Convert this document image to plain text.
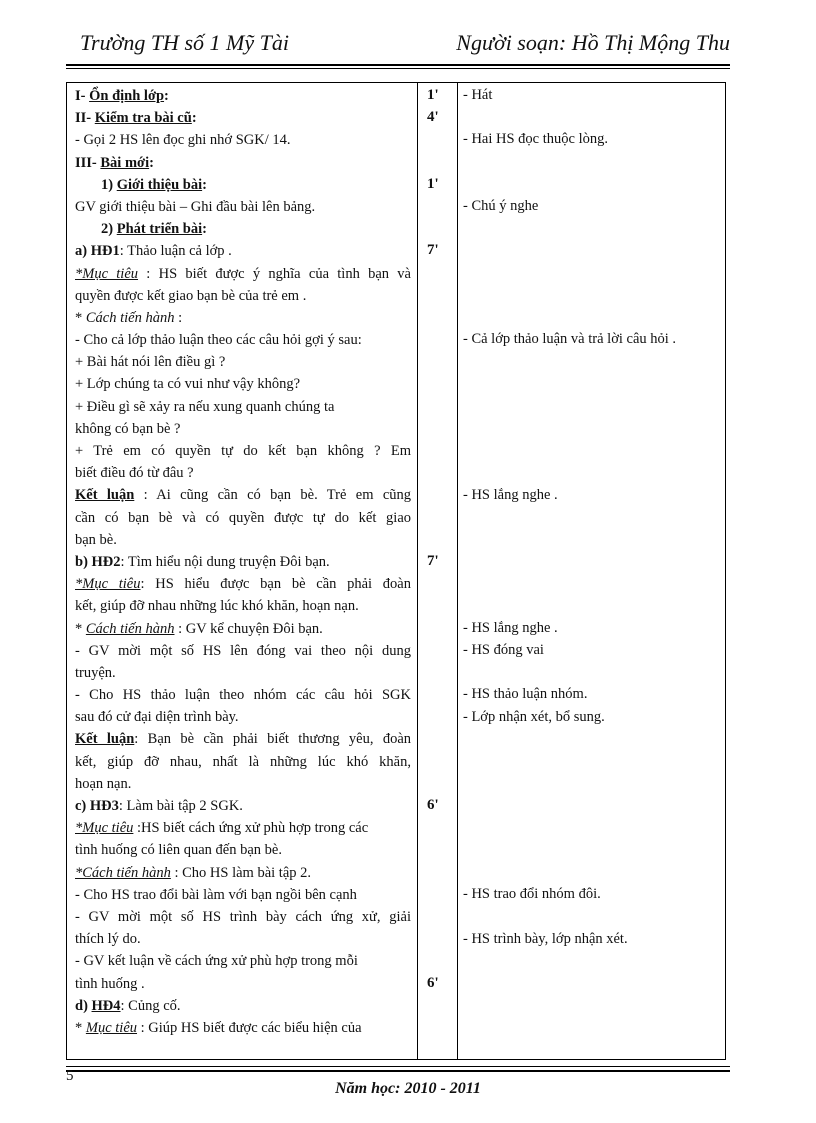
Trường TH số 1 Mỹ Tài	Người soạn: Hồ Thị Mộng Thu
I- Ổn định lớp:
II- Kiểm tra bài cũ:
- Gọi 2 HS lên đọc ghi nhớ SGK/ 14.
III- Bài mới:
1) Giới thiệu bài:
GV giới thiệu bài – Ghi đầu bài lên bảng.
2) Phát triển bài:
a) HĐ1: Thảo luận cả lớp .
*Mục tiêu : HS biết được ý nghĩa của tình bạn và
quyền được kết giao bạn bè của trẻ em .
* Cách tiến hành :
- Cho cả lớp thảo luận theo các câu hỏi gợi ý sau:
+ Bài hát nói lên điều gì ?
+ Lớp chúng ta có vui như vậy không?
+ Điều gì sẽ xảy ra nếu xung quanh chúng ta
không có bạn bè ?
+ Trẻ em có quyền tự do kết bạn không ? Em
biết điều đó từ đâu ?
Kết luận : Ai cũng cần có bạn bè. Trẻ em cũng
cần có bạn bè và có quyền được tự do kết giao
bạn bè.
b) HĐ2: Tìm hiểu nội dung truyện Đôi bạn.
*Mục tiêu: HS hiểu được bạn bè cần phải đoàn
kết, giúp đỡ nhau những lúc khó khăn, hoạn nạn.
* Cách tiến hành : GV kể chuyện Đôi bạn.
- GV mời một số HS lên đóng vai theo nội dung
truyện.
- Cho HS thảo luận theo nhóm các câu hỏi SGK
sau đó cử đại diện trình bày.
Kết luận: Bạn bè cần phải biết thương yêu, đoàn
kết, giúp đỡ nhau, nhất là những lúc khó khăn,
hoạn nạn.
c) HĐ3: Làm bài tập 2 SGK.
*Mục tiêu :HS biết cách ứng xử phù hợp trong các
tình huống có liên quan đến bạn bè.
*Cách tiến hành : Cho HS làm bài tập 2.
- Cho HS trao đổi bài làm với bạn ngồi bên cạnh
- GV mời một số HS trình bày cách ứng xử, giải
thích lý do.
- GV kết luận về cách ứng xử phù hợp trong mỗi
tình huống .
d) HĐ4: Củng cố.
* Mục tiêu : Giúp HS biết được các biểu hiện của
1'
4'
1'
7'
7'
6'
6'
- Hát
- Hai HS đọc thuộc lòng.
- Chú ý nghe
- Cả lớp thảo luận và trả lời câu hỏi .
- HS lắng nghe .
- HS lắng nghe .
- HS đóng vai
- HS thảo luận nhóm.
- Lớp nhận xét, bổ sung.
- HS trao đổi nhóm đôi.
- HS trình bày, lớp nhận xét.
5
Năm học: 2010 - 2011
